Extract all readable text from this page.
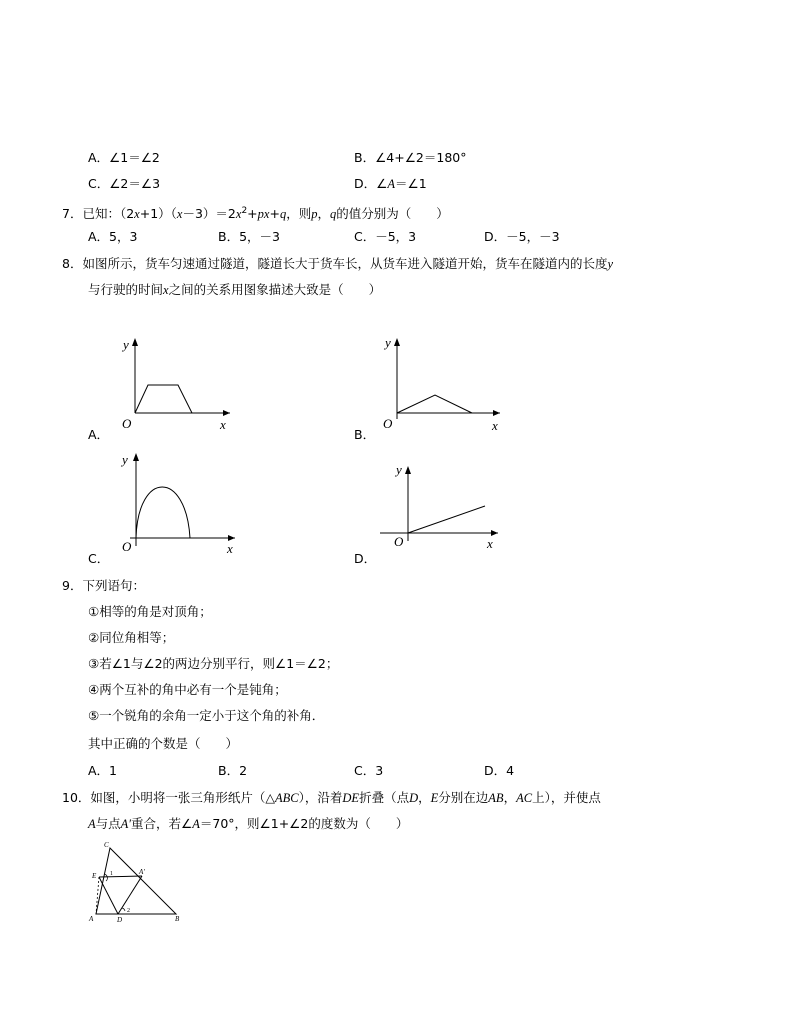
A．∠1＝∠2	B．∠4+∠2＝180°
C．∠2＝∠3	D．∠A＝∠1
7．已知：$(2x+1)(x-3)=2x^2+px+q$，则p，q的值分别为（　　）
A．5，3	B．5，－3	C．－5，3	D．－5，－3
8．如图所示，货车匀速通过隧道，隧道长大于货车长，从货车进入隧道开始，货车在隧道内的长度y
与行驶的时间x之间的关系用图象描述大致是（　　）
y
x
O
A．
y
x
O
B．
y
x
O
C．
y
x
O
D．
9．下列语句：
①相等的角是对顶角；
②同位角相等；
③若∠1与∠2的两边分别平行，则∠1＝∠2；
④两个互补的角中必有一个是钝角；
⑤一个锐角的余角一定小于这个角的补角．
其中正确的个数是（　　）
A．1	B．2	C．3	D．4
10．如图，小明将一张三角形纸片（△ABC），沿着DE折叠（点D，E分别在边AB，AC上），并使点
A与点A′重合，若∠A＝70°，则∠1+∠2的度数为（　　）
C
E 1	A′
A	D
2
B
